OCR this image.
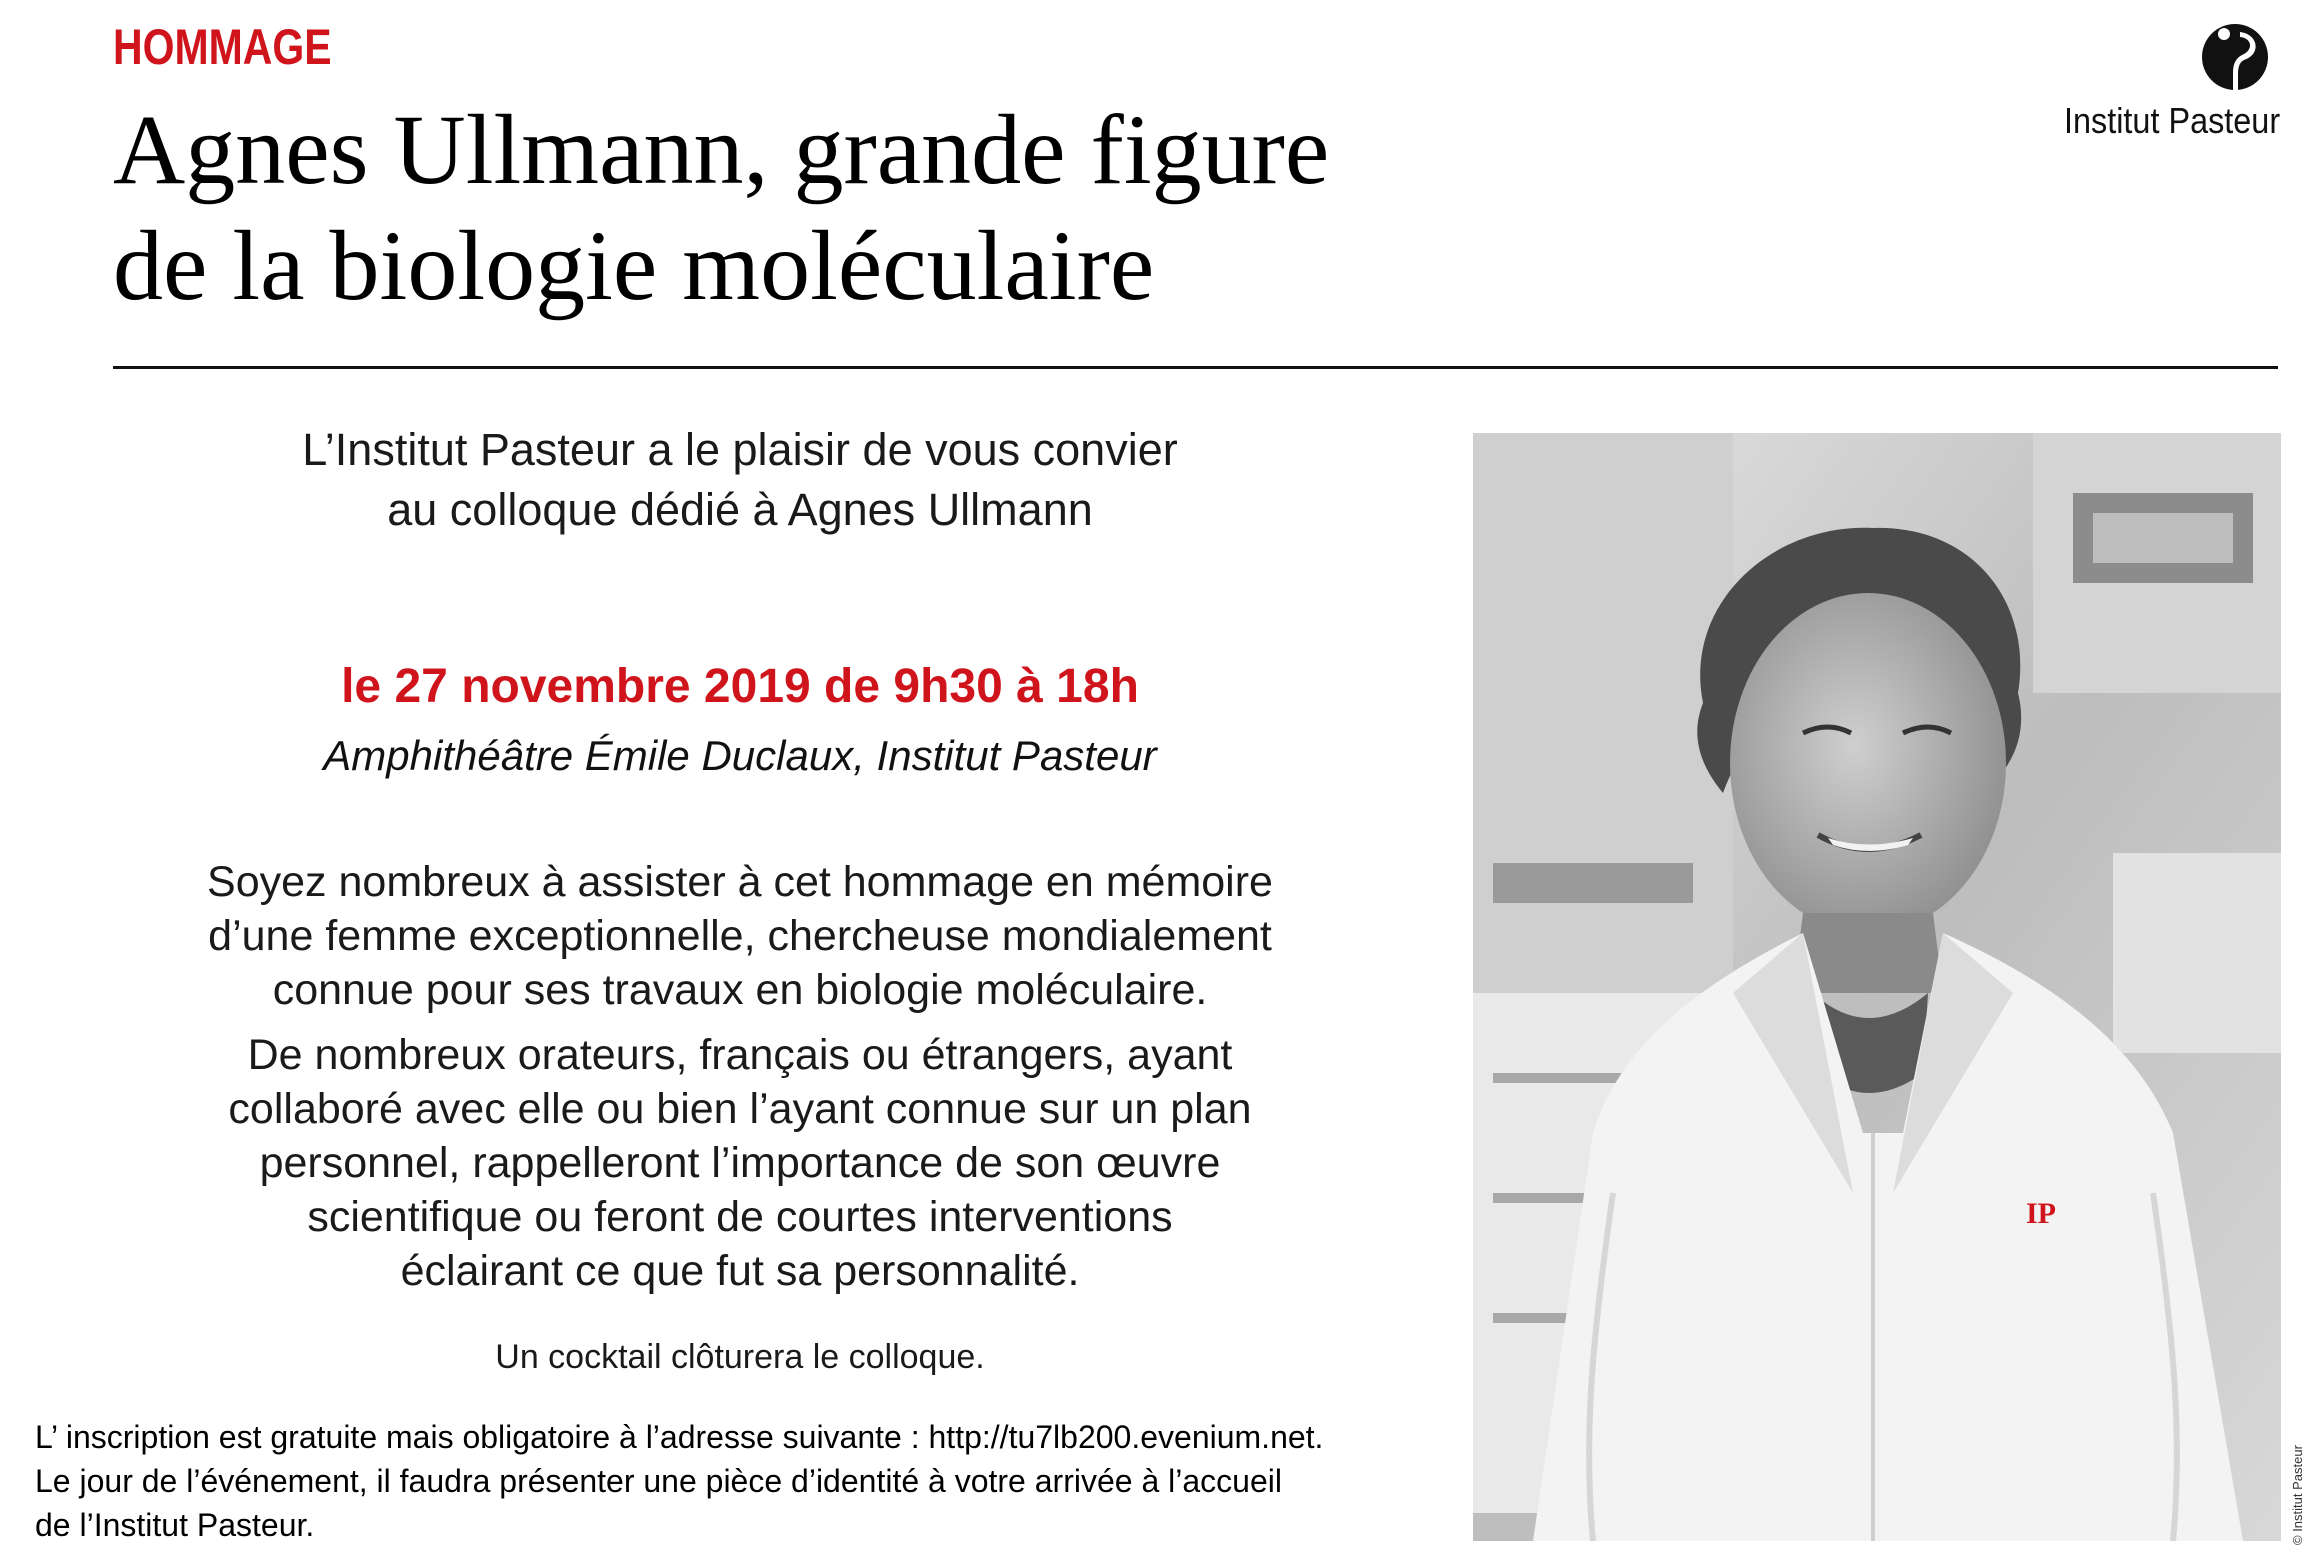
HOMMAGE
Agnes Ullmann, grande figure
de la biologie moléculaire
Institut Pasteur
L’Institut Pasteur a le plaisir de vous convier
au colloque dédié à Agnes Ullmann
le 27 novembre 2019 de 9h30 à 18h
Amphithéâtre Émile Duclaux, Institut Pasteur
Soyez nombreux à assister à cet hommage en mémoire
d’une femme exceptionnelle, chercheuse mondialement
connue pour ses travaux en biologie moléculaire.
De nombreux orateurs, français ou étrangers, ayant
collaboré avec elle ou bien l’ayant connue sur un plan
personnel, rappelleront l’importance de son œuvre
scientifique ou feront de courtes interventions
éclairant ce que fut sa personnalité.
Un cocktail clôturera le colloque.
L’ inscription est gratuite mais obligatoire à l’adresse suivante : http://tu7lb200.evenium.net.
Le jour de l’événement, il faudra présenter une pièce d’identité à votre arrivée à l’accueil
de l’Institut Pasteur.
IP
© Institut Pasteur
